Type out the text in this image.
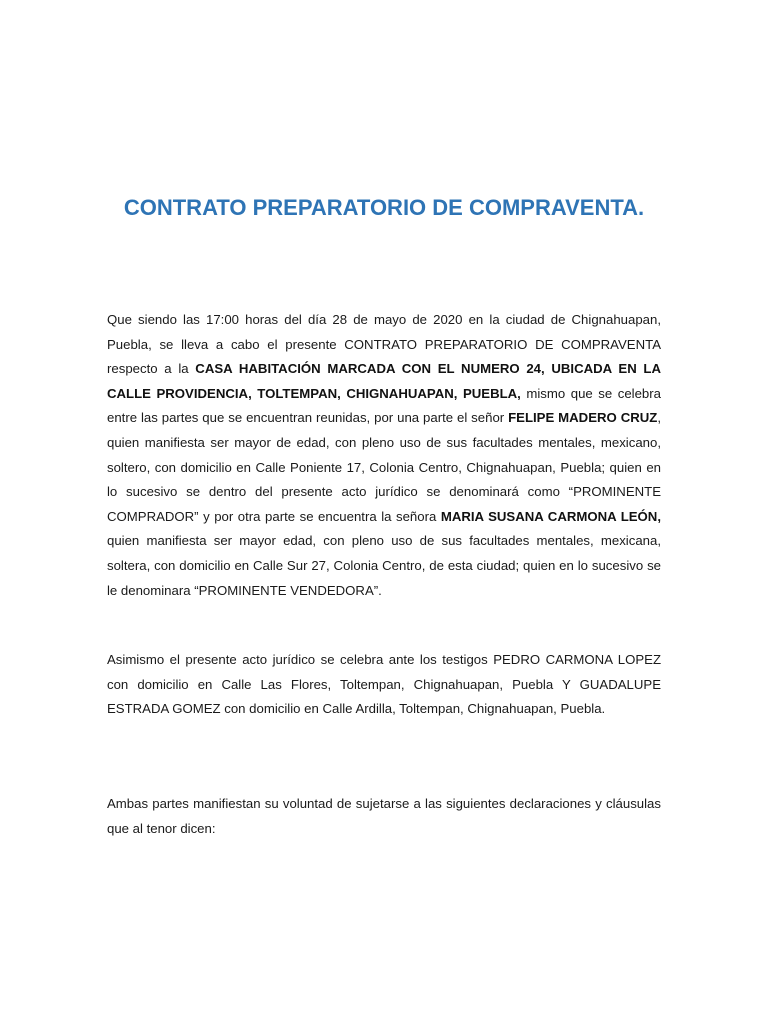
CONTRATO PREPARATORIO DE COMPRAVENTA.

Que siendo las 17:00 horas del día 28 de mayo de 2020 en la ciudad de Chignahuapan, Puebla, se lleva a cabo el presente CONTRATO PREPARATORIO DE COMPRAVENTA respecto a la CASA HABITACIÓN MARCADA CON EL NUMERO 24, UBICADA EN LA CALLE PROVIDENCIA, TOLTEMPAN, CHIGNAHUAPAN, PUEBLA, mismo que se celebra entre las partes que se encuentran reunidas, por una parte el señor FELIPE MADERO CRUZ, quien manifiesta ser mayor de edad, con pleno uso de sus facultades mentales, mexicano, soltero, con domicilio en Calle Poniente 17, Colonia Centro, Chignahuapan, Puebla; quien en lo sucesivo se dentro del presente acto jurídico se denominará como “PROMINENTE COMPRADOR” y por otra parte se encuentra la señora MARIA SUSANA CARMONA LEÓN, quien manifiesta ser mayor edad, con pleno uso de sus facultades mentales, mexicana, soltera, con domicilio en Calle Sur 27, Colonia Centro, de esta ciudad; quien en lo sucesivo se le denominara “PROMINENTE VENDEDORA”.

Asimismo el presente acto jurídico se celebra ante los testigos PEDRO CARMONA LOPEZ con domicilio en Calle Las Flores, Toltempan, Chignahuapan, Puebla Y GUADALUPE ESTRADA GOMEZ con domicilio en Calle Ardilla, Toltempan, Chignahuapan, Puebla.

Ambas partes manifiestan su voluntad de sujetarse a las siguientes declaraciones y cláusulas que al tenor dicen:
